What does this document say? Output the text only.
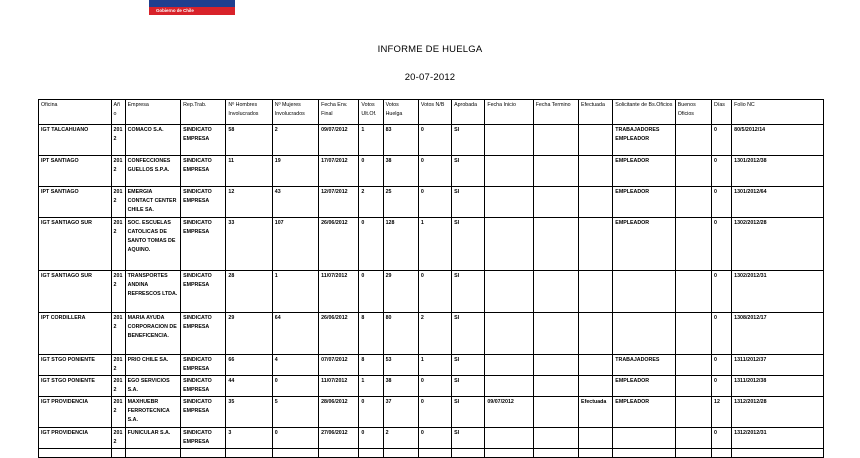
Gobierno de Chile
INFORME DE HUELGA
20-07-2012
Oficina	Año	Empresa	Rep.Trab.	Nº Hombres Involucrados	Nº Mujeres Involucrados	Fecha Env. Final	Votos Ult.Of.	Votos Huelga	Votos N/B	Aprobada	Fecha Inicio	Fecha Termino	Efectuada	Solicitante de Bs.Oficios	Buenos Oficios	Días	Folio NC
IGT TALCAHUANO	2012	COMACO S.A.	SINDICATO EMPRESA	58	2	09/07/2012	1	83	0	SI				TRABAJADORES EMPLEADOR		0	80/5/2012/14
IPT SANTIAGO	2012	CONFECCIONES GUELLOS S.P.A.	SINDICATO EMPRESA	11	19	17/07/2012	0	38	0	SI				EMPLEADOR		0	1301/2012/38
IPT SANTIAGO	2012	EMERGIA CONTACT CENTER CHILE SA.	SINDICATO EMPRESA	12	43	12/07/2012	2	25	0	SI				EMPLEADOR		0	1301/2012/64
IGT SANTIAGO SUR	2012	SOC. ESCUELAS CATOLICAS DE SANTO TOMAS DE AQUINO.	SINDICATO EMPRESA	33	107	26/06/2012	0	128	1	SI				EMPLEADOR		0	1302/2012/28
IGT SANTIAGO SUR	2012	TRANSPORTES ANDINA REFRESCOS LTDA.	SINDICATO EMPRESA	28	1	11/07/2012	0	29	0	SI						0	1302/2012/31
IPT CORDILLERA	2012	MARIA AYUDA CORPORACION DE BENEFICENCIA.	SINDICATO EMPRESA	29	64	26/06/2012	8	80	2	SI						0	1308/2012/17
IGT STGO PONIENTE	2012	PRIO CHILE SA.	SINDICATO EMPRESA	66	4	07/07/2012	8	53	1	SI				TRABAJADORES		0	1311/2012/37
IGT STGO PONIENTE	2012	EGO SERVICIOS S.A.	SINDICATO EMPRESA	44	0	11/07/2012	1	38	0	SI				EMPLEADOR		0	1311/2012/38
IGT PROVIDENCIA	2012	MAXHUEBR FERROTECNICA S.A.	SINDICATO EMPRESA	35	5	28/06/2012	0	37	0	SI	09/07/2012		Efectuada	EMPLEADOR		12	1312/2012/28
IGT PROVIDENCIA	2012	FUNICULAR S.A.	SINDICATO EMPRESA	3	0	27/06/2012	0	2	0	SI						0	1312/2012/31
